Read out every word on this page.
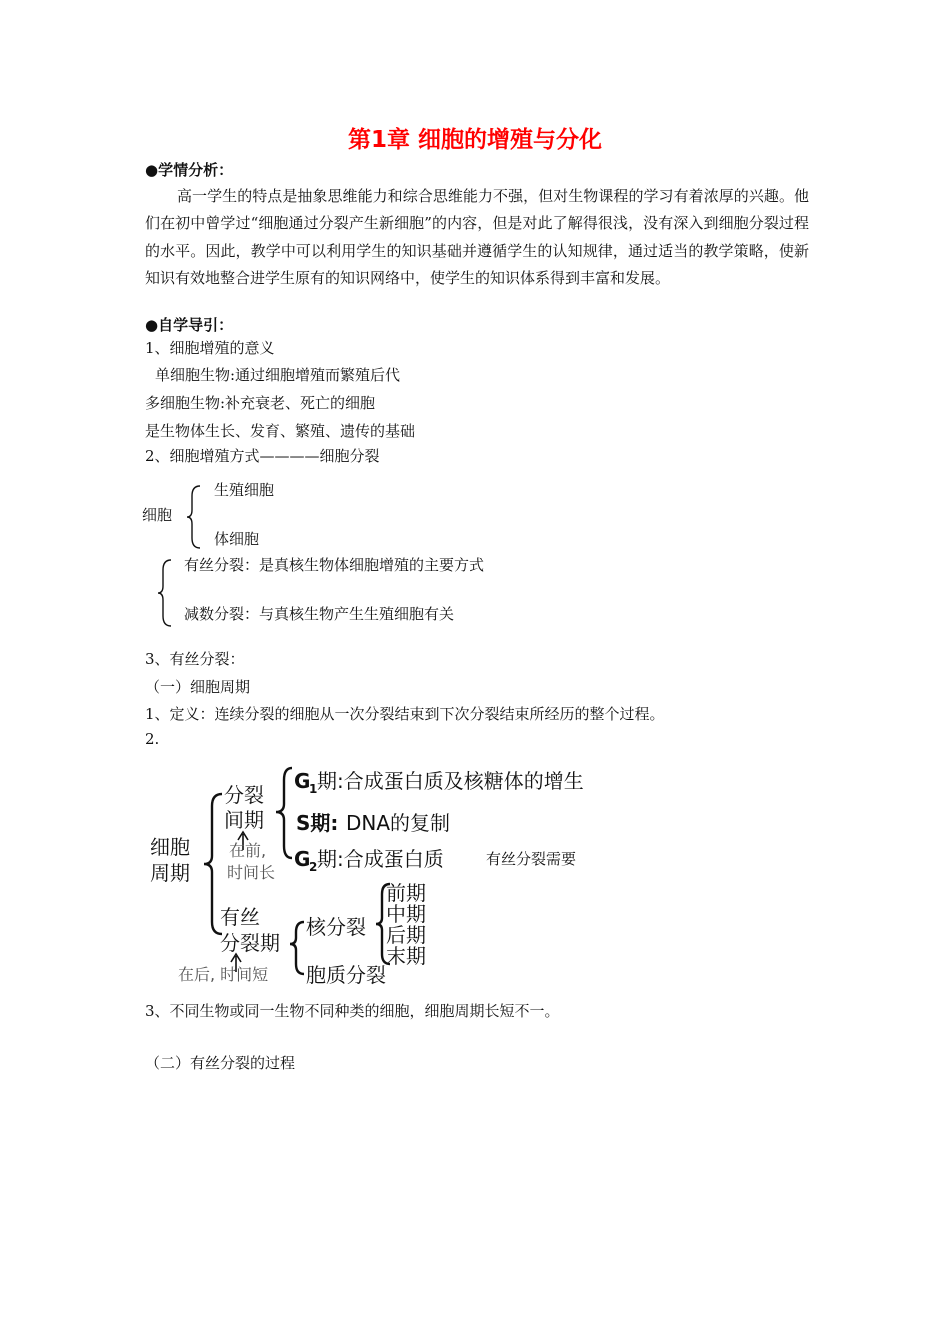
第1章 细胞的增殖与分化
●学情分析：
高一学生的特点是抽象思维能力和综合思维能力不强，但对生物课程的学习有着浓厚的兴趣。他们在初中曾学过“细胞通过分裂产生新细胞”的内容，但是对此了解得很浅，没有深入到细胞分裂过程的水平。因此，教学中可以利用学生的知识基础并遵循学生的认知规律，通过适当的教学策略，使新知识有效地整合进学生原有的知识网络中，使学生的知识体系得到丰富和发展。
●自学导引：
1、细胞增殖的意义
单细胞生物:通过细胞增殖而繁殖后代
多细胞生物:补充衰老、死亡的细胞
是生物体生长、发育、繁殖、遗传的基础
2、细胞增殖方式————细胞分裂
细胞
生殖细胞
体细胞
有丝分裂：是真核生物体细胞增殖的主要方式
减数分裂：与真核生物产生生殖细胞有关
3、有丝分裂：
（一）细胞周期
1、定义：连续分裂的细胞从一次分裂结束到下次分裂结束所经历的整个过程。
2.
细胞
周期
分裂
间期
在前,
时间长
G
1 期:合成蛋白质及核糖体的增生
S期: DNA的复制
G
2 期:合成蛋白质	有丝分裂需要
有丝
分裂期
在后, 时间短
核分裂
胞质分裂
前期
中期
后期
末期
3、不同生物或同一生物不同种类的细胞，细胞周期长短不一。
（二）有丝分裂的过程
